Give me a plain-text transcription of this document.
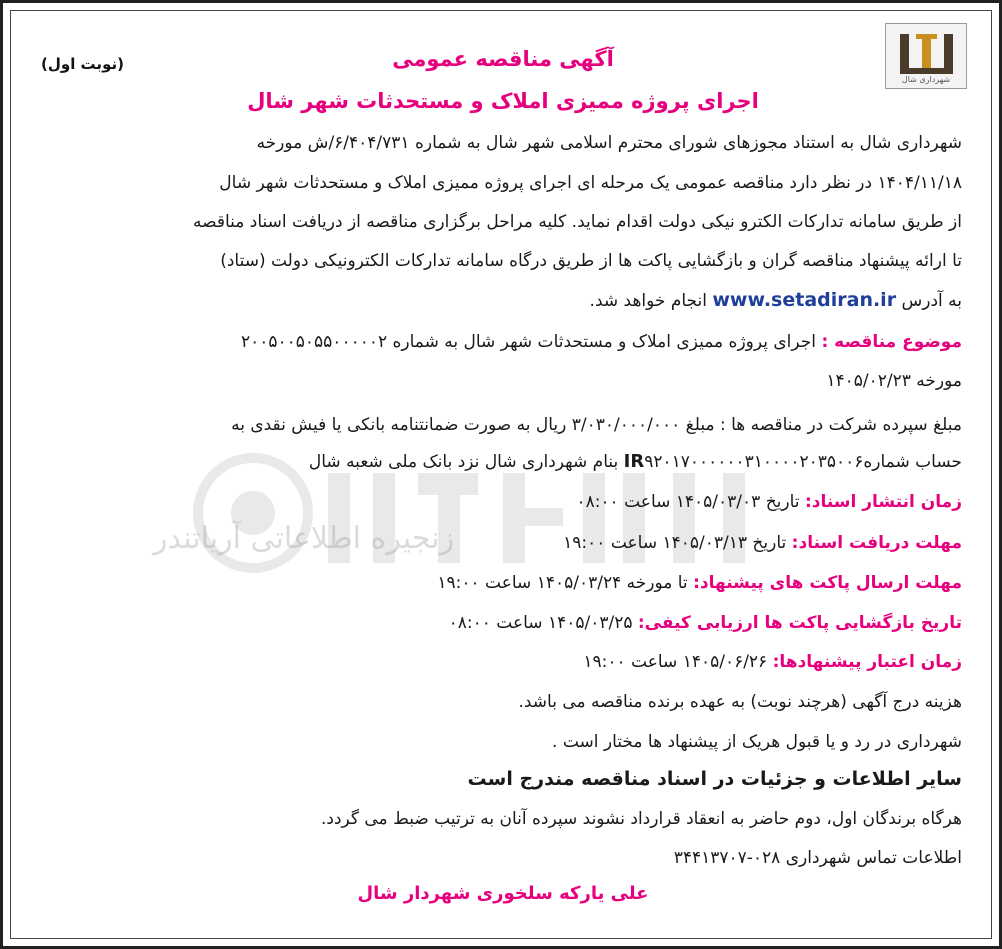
زنجیره اطلاعاتی آریاتندر
شهرداری شال
(نوبت اول)	آگهی مناقصه عمومی
اجرای پروژه ممیزی املاک و مستحدثات شهر شال
شهرداری شال به استناد مجوزهای شورای محترم اسلامی شهر شال به شماره ۶/۴۰۴/۷۳۱/ش مورخه
۱۴۰۴/۱۱/۱۸ در نظر دارد مناقصه عمومی یک مرحله ای اجرای پروژه ممیزی املاک و مستحدثات شهر شال
از طریق سامانه تدارکات الکترو نیکی دولت اقدام نماید. کلیه مراحل برگزاری مناقصه از دریافت اسناد مناقصه
تا ارائه پیشنهاد مناقصه گران و بازگشایی پاکت ها از طریق درگاه سامانه تدارکات الکترونیکی دولت (ستاد)
به آدرس www.setadiran.ir انجام خواهد شد.
موضوع مناقصه : اجرای پروژه ممیزی املاک و مستحدثات شهر شال به شماره ۲۰۰۵۰۰۵۰۵۵۰۰۰۰۰۲
مورخه ۱۴۰۵/۰۲/۲۳
مبلغ سپرده شرکت در مناقصه ها : مبلغ ۳/۰۳۰/۰۰۰/۰۰۰ ریال به صورت ضمانتنامه بانکی یا فیش نقدی به
حساب شمارهIR۹۲۰۱۷۰۰۰۰۰۰۳۱۰۰۰۰۲۰۳۵۰۰۶ بنام شهرداری شال نزد بانک ملی شعبه شال
زمان انتشار اسناد: تاریخ ۱۴۰۵/۰۳/۰۳ ساعت ۰۸:۰۰
مهلت دریافت اسناد: تاریخ ۱۴۰۵/۰۳/۱۳ ساعت ۱۹:۰۰
مهلت ارسال پاکت های پیشنهاد: تا مورخه ۱۴۰۵/۰۳/۲۴ ساعت ۱۹:۰۰
تاریخ بازگشایی پاکت ها ارزیابی کیفی: ۱۴۰۵/۰۳/۲۵ ساعت ۰۸:۰۰
زمان اعتبار پیشنهادها: ۱۴۰۵/۰۶/۲۶ ساعت ۱۹:۰۰
هزینه درج آگهی (هرچند نوبت) به عهده برنده مناقصه می باشد.
شهرداری در رد و یا قبول هریک از پیشنهاد ها مختار است .
سایر اطلاعات و جزئیات در اسناد مناقصه مندرج است
هرگاه برندگان اول، دوم حاضر به انعقاد قرارداد نشوند سپرده آنان به ترتیب ضبط می گردد.
اطلاعات تماس شهرداری ۰۲۸-۳۴۴۱۳۷۰۷
علی یارکه سلخوری شهردار شال
